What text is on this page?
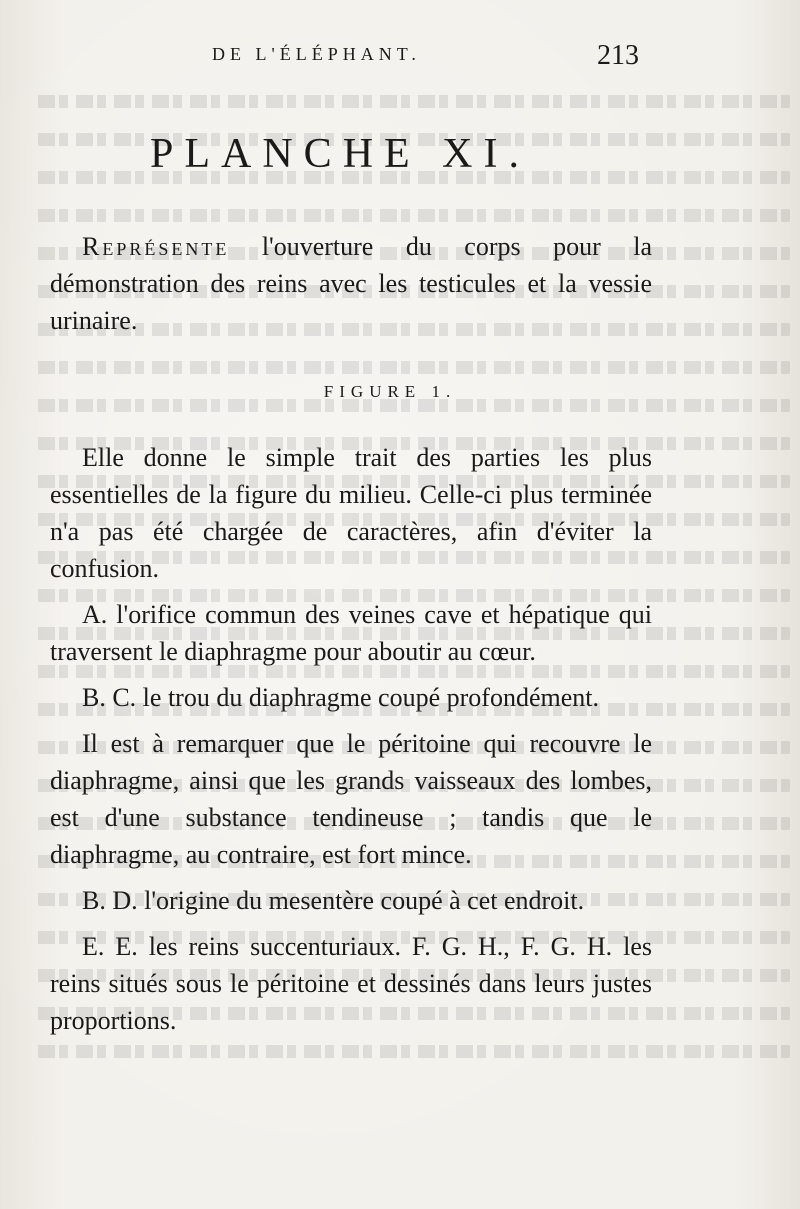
DE L'ÉLÉPHANT.	213
PLANCHE XI.
Représente l'ouverture du corps pour la démonstration des reins avec les testicules et la vessie urinaire.
FIGURE 1.
Elle donne le simple trait des parties les plus essentielles de la figure du milieu. Celle-ci plus terminée n'a pas été chargée de caractères, afin d'éviter la confusion.
A. l'orifice commun des veines cave et hépatique qui traversent le diaphragme pour aboutir au cœur.
B. C. le trou du diaphragme coupé profondément.
Il est à remarquer que le péritoine qui recouvre le diaphragme, ainsi que les grands vaisseaux des lombes, est d'une substance tendineuse ; tandis que le diaphragme, au contraire, est fort mince.
B. D. l'origine du mesentère coupé à cet endroit.
E. E. les reins succenturiaux. F. G. H., F. G. H. les reins situés sous le péritoine et dessinés dans leurs justes proportions.
